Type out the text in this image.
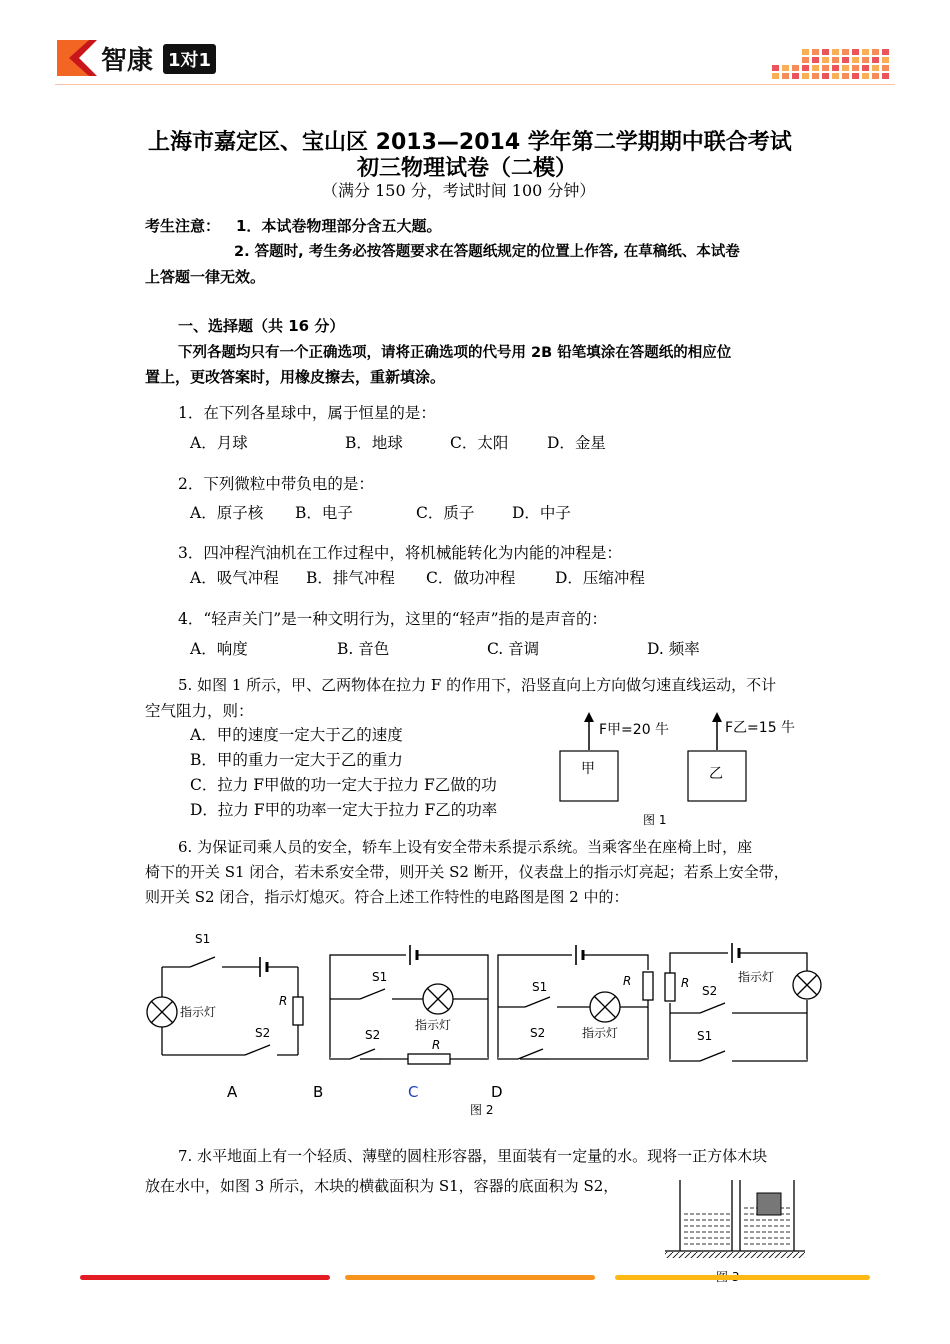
智康 1对1
上海市嘉定区、宝山区 2013—2014 学年第二学期期中联合考试
初三物理试卷（二模）
（满分 150 分，考试时间 100 分钟）
考生注意： 1．本试卷物理部分含五大题。
2. 答题时, 考生务必按答题要求在答题纸规定的位置上作答, 在草稿纸、本试卷
上答题一律无效。
一、选择题（共 16 分）
下列各题均只有一个正确选项，请将正确选项的代号用 2B 铅笔填涂在答题纸的相应位
置上，更改答案时，用橡皮擦去，重新填涂。
1．在下列各星球中，属于恒星的是：
A．月球	B．地球	C．太阳 D．金星
2．下列微粒中带负电的是：
A．原子核 B．电子	C．质子 D．中子
3．四冲程汽油机在工作过程中，将机械能转化为内能的冲程是：
A．吸气冲程 B．排气冲程 C．做功冲程	D．压缩冲程
4．“轻声关门”是一种文明行为，这里的“轻声”指的是声音的：
A．响度	B. 音色	C. 音调	D. 频率
5. 如图 1 所示，甲、乙两物体在拉力 F 的作用下，沿竖直向上方向做匀速直线运动，不计
空气阻力，则：
A．甲的速度一定大于乙的速度
B．甲的重力一定大于乙的重力
C．拉力 F甲做的功一定大于拉力 F乙做的功
D．拉力 F甲的功率一定大于拉力 F乙的功率
F甲=20 牛	F乙=15 牛
甲	乙
图 1
6. 为保证司乘人员的安全，轿车上设有安全带未系提示系统。当乘客坐在座椅上时，座
椅下的开关 S1 闭合，若未系安全带，则开关 S2 断开，仪表盘上的指示灯亮起；若系上安全带，
则开关 S2 闭合，指示灯熄灭。符合上述工作特性的电路图是图 2 中的：
S1
指示灯
R
S2
S1
指示灯
S2
R
S1	R
指示灯
S2
R	指示灯
S2
S1
A	B	C	D
图 2
7. 水平地面上有一个轻质、薄壁的圆柱形容器，里面装有一定量的水。现将一正方体木块
放在水中，如图 3 所示，木块的横截面积为 S1，容器的底面积为 S2，
